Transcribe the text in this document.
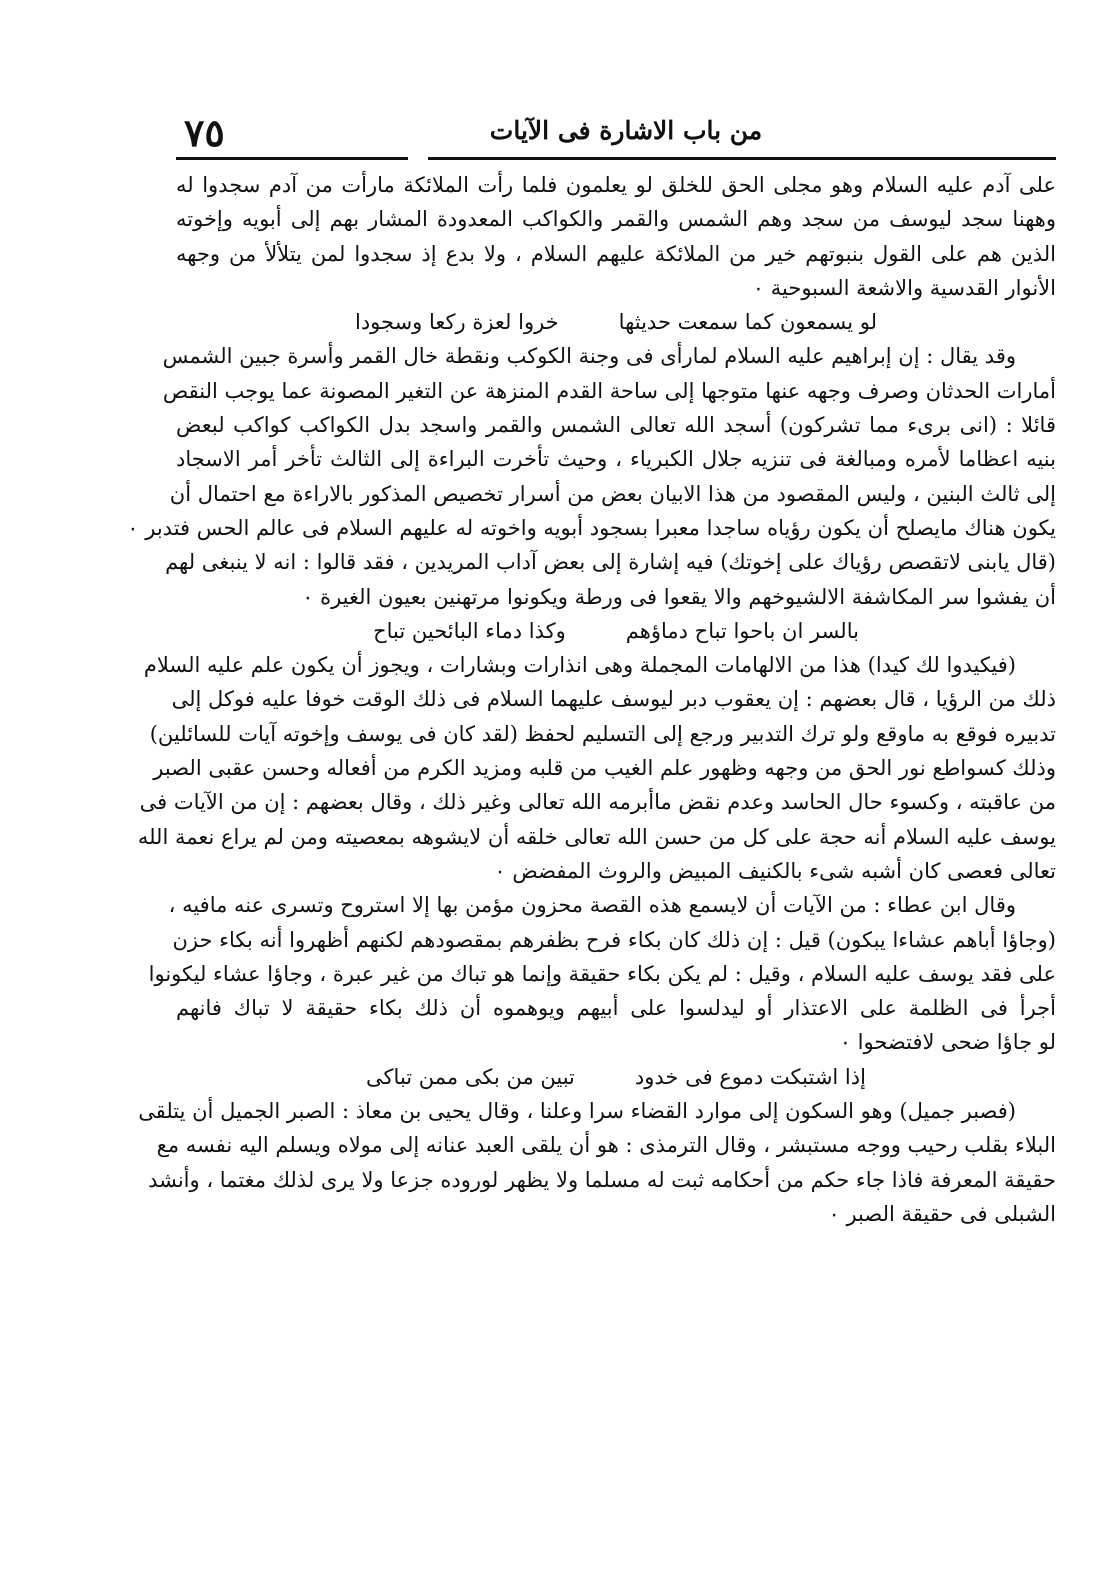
من باب الاشارة فى الآيات
٧٥
على آدم عليه السلام وهو مجلى الحق للخلق لو يعلمون فلما رأت الملائكة مارأت من آدم سجدوا له
وههنا سجد ليوسف من سجد وهم الشمس والقمر والكواكب المعدودة المشار بهم إلى أبويه وإخوته
الذين هم على القول بنبوتهم خير من الملائكة عليهم السلام ، ولا بدع إذ سجدوا لمن يتلألأ من وجهه
الأنوار القدسية والاشعة السبوحية ۰
لو يسمعون كما سمعت حديثها
خروا لعزة ركعا وسجودا
وقد يقال : إن إبراهيم عليه السلام لمارأى فى وجنة الكوكب ونقطة خال القمر وأسرة جبين الشمس
أمارات الحدثان وصرف وجهه عنها متوجها إلى ساحة القدم المنزهة عن التغير المصونة عما يوجب النقص
قائلا : (انى برىء مما تشركون) أسجد الله تعالى الشمس والقمر واسجد بدل الكواكب كواكب لبعض
بنيه اعظاما لأمره ومبالغة فى تنزيه جلال الكبرياء ، وحيث تأخرت البراءة إلى الثالث تأخر أمر الاسجاد
إلى ثالث البنين ، وليس المقصود من هذا الابيان بعض من أسرار تخصيص المذكور بالاراءة مع احتمال أن
يكون هناك مايصلح أن يكون رؤياه ساجدا معبرا بسجود أبويه واخوته له عليهم السلام فى عالم الحس فتدبر ۰
(قال يابنى لاتقصص رؤياك على إخوتك) فيه إشارة إلى بعض آداب المريدين ، فقد قالوا : انه لا ينبغى لهم
أن يفشوا سر المكاشفة الالشيوخهم والا يقعوا فى ورطة ويكونوا مرتهنين بعيون الغيرة ۰
بالسر ان باحوا تباح دماؤهم
وكذا دماء البائحين تباح
(فيكيدوا لك كيدا) هذا من الالهامات المجملة وهى انذارات وبشارات ، ويجوز أن يكون علم عليه السلام
ذلك من الرؤيا ، قال بعضهم : إن يعقوب دبر ليوسف عليهما السلام فى ذلك الوقت خوفا عليه فوكل إلى
تدبيره فوقع به ماوقع ولو ترك التدبير ورجع إلى التسليم لحفظ (لقد كان فى يوسف وإخوته آيات للسائلين)
وذلك كسواطع نور الحق من وجهه وظهور علم الغيب من قلبه ومزيد الكرم من أفعاله وحسن عقبى الصبر
من عاقبته ، وكسوء حال الحاسد وعدم نقض ماأبرمه الله تعالى وغير ذلك ، وقال بعضهم : إن من الآيات فى
يوسف عليه السلام أنه حجة على كل من حسن الله تعالى خلقه أن لايشوهه بمعصيته ومن لم يراع نعمة الله
تعالى فعصى كان أشبه شىء بالكنيف المبيض والروث المفضض ۰
وقال ابن عطاء : من الآيات أن لايسمع هذه القصة محزون مؤمن بها إلا استروح وتسرى عنه مافيه ،
(وجاؤا أباهم عشاءا يبكون) قيل : إن ذلك كان بكاء فرح بظفرهم بمقصودهم لكنهم أظهروا أنه بكاء حزن
على فقد يوسف عليه السلام ، وقيل : لم يكن بكاء حقيقة وإنما هو تباك من غير عبرة ، وجاؤا عشاء ليكونوا
أجرأ فى الظلمة على الاعتذار أو ليدلسوا على أبيهم ويوهموه أن ذلك بكاء حقيقة لا تباك فانهم
لو جاؤا ضحى لافتضحوا ۰
إذا اشتبكت دموع فى خدود
تبين من بكى ممن تباكى
(فصبر جميل) وهو السكون إلى موارد القضاء سرا وعلنا ، وقال يحيى بن معاذ : الصبر الجميل أن يتلقى
البلاء بقلب رحيب ووجه مستبشر ، وقال الترمذى : هو أن يلقى العبد عنانه إلى مولاه ويسلم اليه نفسه مع
حقيقة المعرفة فاذا جاء حكم من أحكامه ثبت له مسلما ولا يظهر لوروده جزعا ولا يرى لذلك مغتما ، وأنشد
الشبلى فى حقيقة الصبر ۰
